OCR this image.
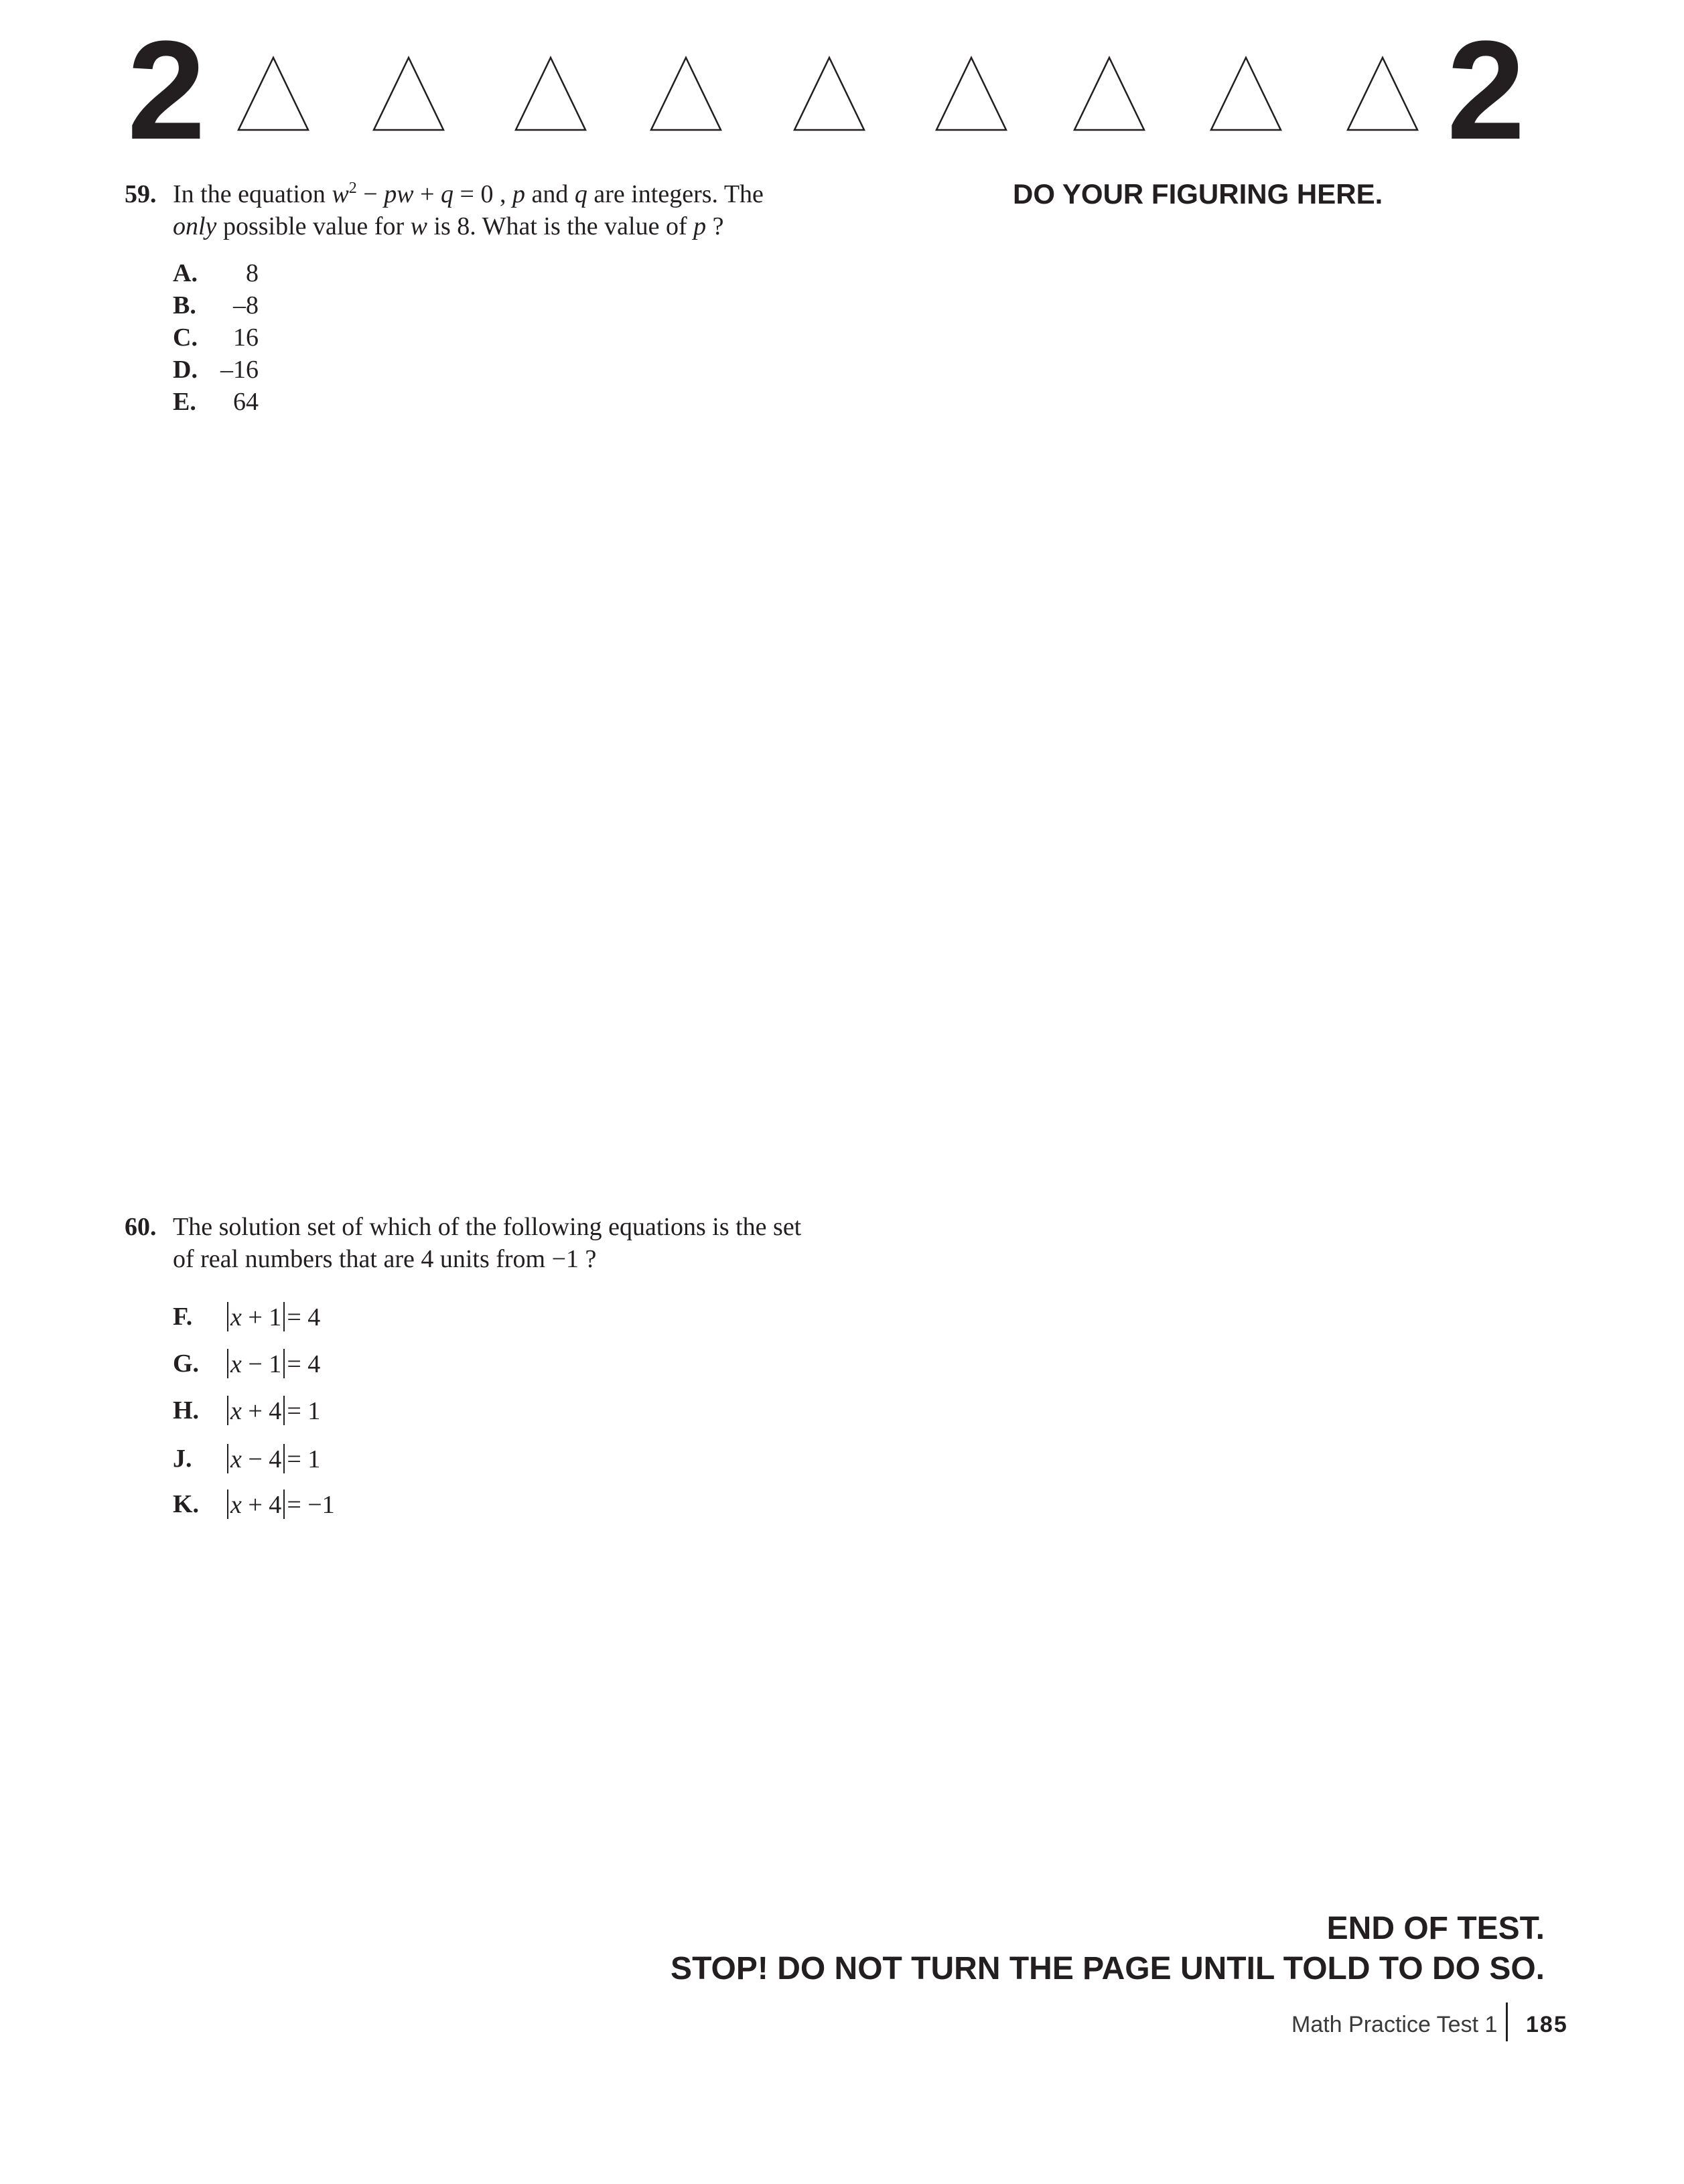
2	2
DO YOUR FIGURING HERE.
59. In the equation $w^2$ − pw + q = 0 , p and q are integers. The
only possible value for w is 8. What is the value of p ?
A.	8
B.	–8
C.	16
D. –16
E.	64
60. The solution set of which of the following equations is the set
of real numbers that are 4 units from −1 ?
F. x + 1 = 4
G. x − 1 = 4
H. x + 4 = 1
J. x − 4 = 1
K. x + 4 = −1
END OF TEST.
STOP! DO NOT TURN THE PAGE UNTIL TOLD TO DO SO.
Math Practice Test 1 185
